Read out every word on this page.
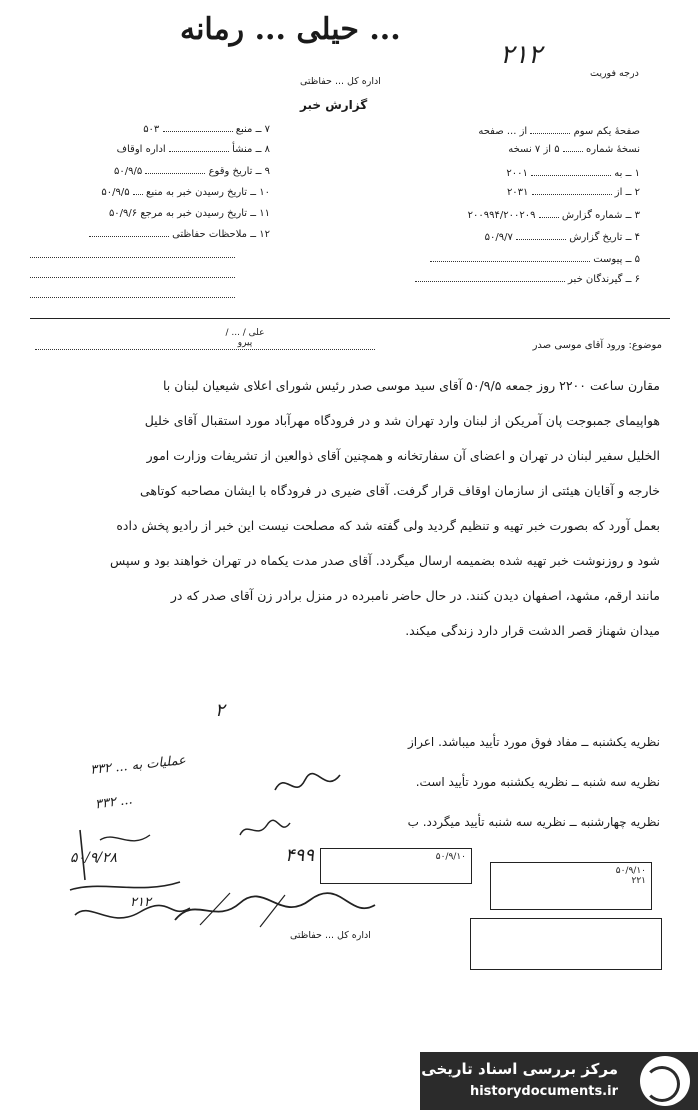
حیلی ... رمانه ...
۲۱۲
اداره کل ... حفاظتی
گزارش خبر
درجه فوریت
صفحهٔ یکم سوم  از ... صفحه
نسخهٔ شماره  ۵ از ۷ نسخه
۱ ــ به  ۲۰۰۱
۲ ــ از  ۲۰۳۱
۳ ــ شماره گزارش  ۲۰۰۹۹۴/۲۰۰۲۰۹
۴ ــ تاریخ گزارش  ۵۰/۹/۷
۵ ــ پیوست
۶ ــ گیرندگان خبر
۷ ــ منبع  ۵۰۳
۸ ــ منشأ  اداره اوقاف
۹ ــ تاریخ وقوع  ۵۰/۹/۵
۱۰ ــ تاریخ رسیدن خبر به منبع  ۵۰/۹/۵
۱۱ ــ تاریخ رسیدن خبر به مرجع ۵۰/۹/۶
۱۲ ــ ملاحظات حفاظتی
موضوع: ورود آقای موسی صدر
علی / ... / پیرو
مقارن ساعت ۲۲۰۰ روز جمعه ۵۰/۹/۵ آقای سید موسی صدر رئیس شورای اعلای شیعیان لبنان با
هواپیمای جمبوجت پان آمریکن از لبنان وارد تهران شد و در فرودگاه مهرآباد مورد استقبال آقای خلیل
الخلیل سفیر لبنان در تهران و اعضای آن سفارتخانه و همچنین آقای ذوالعین از تشریفات وزارت امور
خارجه و آقایان هیئتی از سازمان اوقاف قرار گرفت. آقای ضیری در فرودگاه با ایشان مصاحبه کوتاهی
بعمل آورد که بصورت خبر تهیه و تنظیم گردید ولی گفته شد که مصلحت نیست این خبر از رادیو پخش داده
شود و روزنوشت خبر تهیه شده بضمیمه ارسال میگردد. آقای صدر مدت یکماه در تهران خواهند بود و سپس
مانند ارقم، مشهد، اصفهان دیدن کنند. در حال حاضر نامبرده در منزل برادر زن آقای صدر که در
میدان شهناز قصر الدشت قرار دارد زندگی میکند.
۲
نظریه یکشنبه ــ مفاد فوق مورد تأیید میباشد. اعراز
نظریه سه شنبه ــ نظریه یکشنبه مورد تأیید است.
نظریه چهارشنبه ــ نظریه سه شنبه تأیید میگردد. ب
عملیات به ... ۳۳۲
... ۳۳۲
۵۰/۹/۲۸
۲۱۲
۴۹۹	۵۰/۹/۱۰
۵۰/۹/۱۰
۲۲۱
اداره کل ... حفاظتی
مرکز بررسی اسناد تاریخی
historydocuments.ir
